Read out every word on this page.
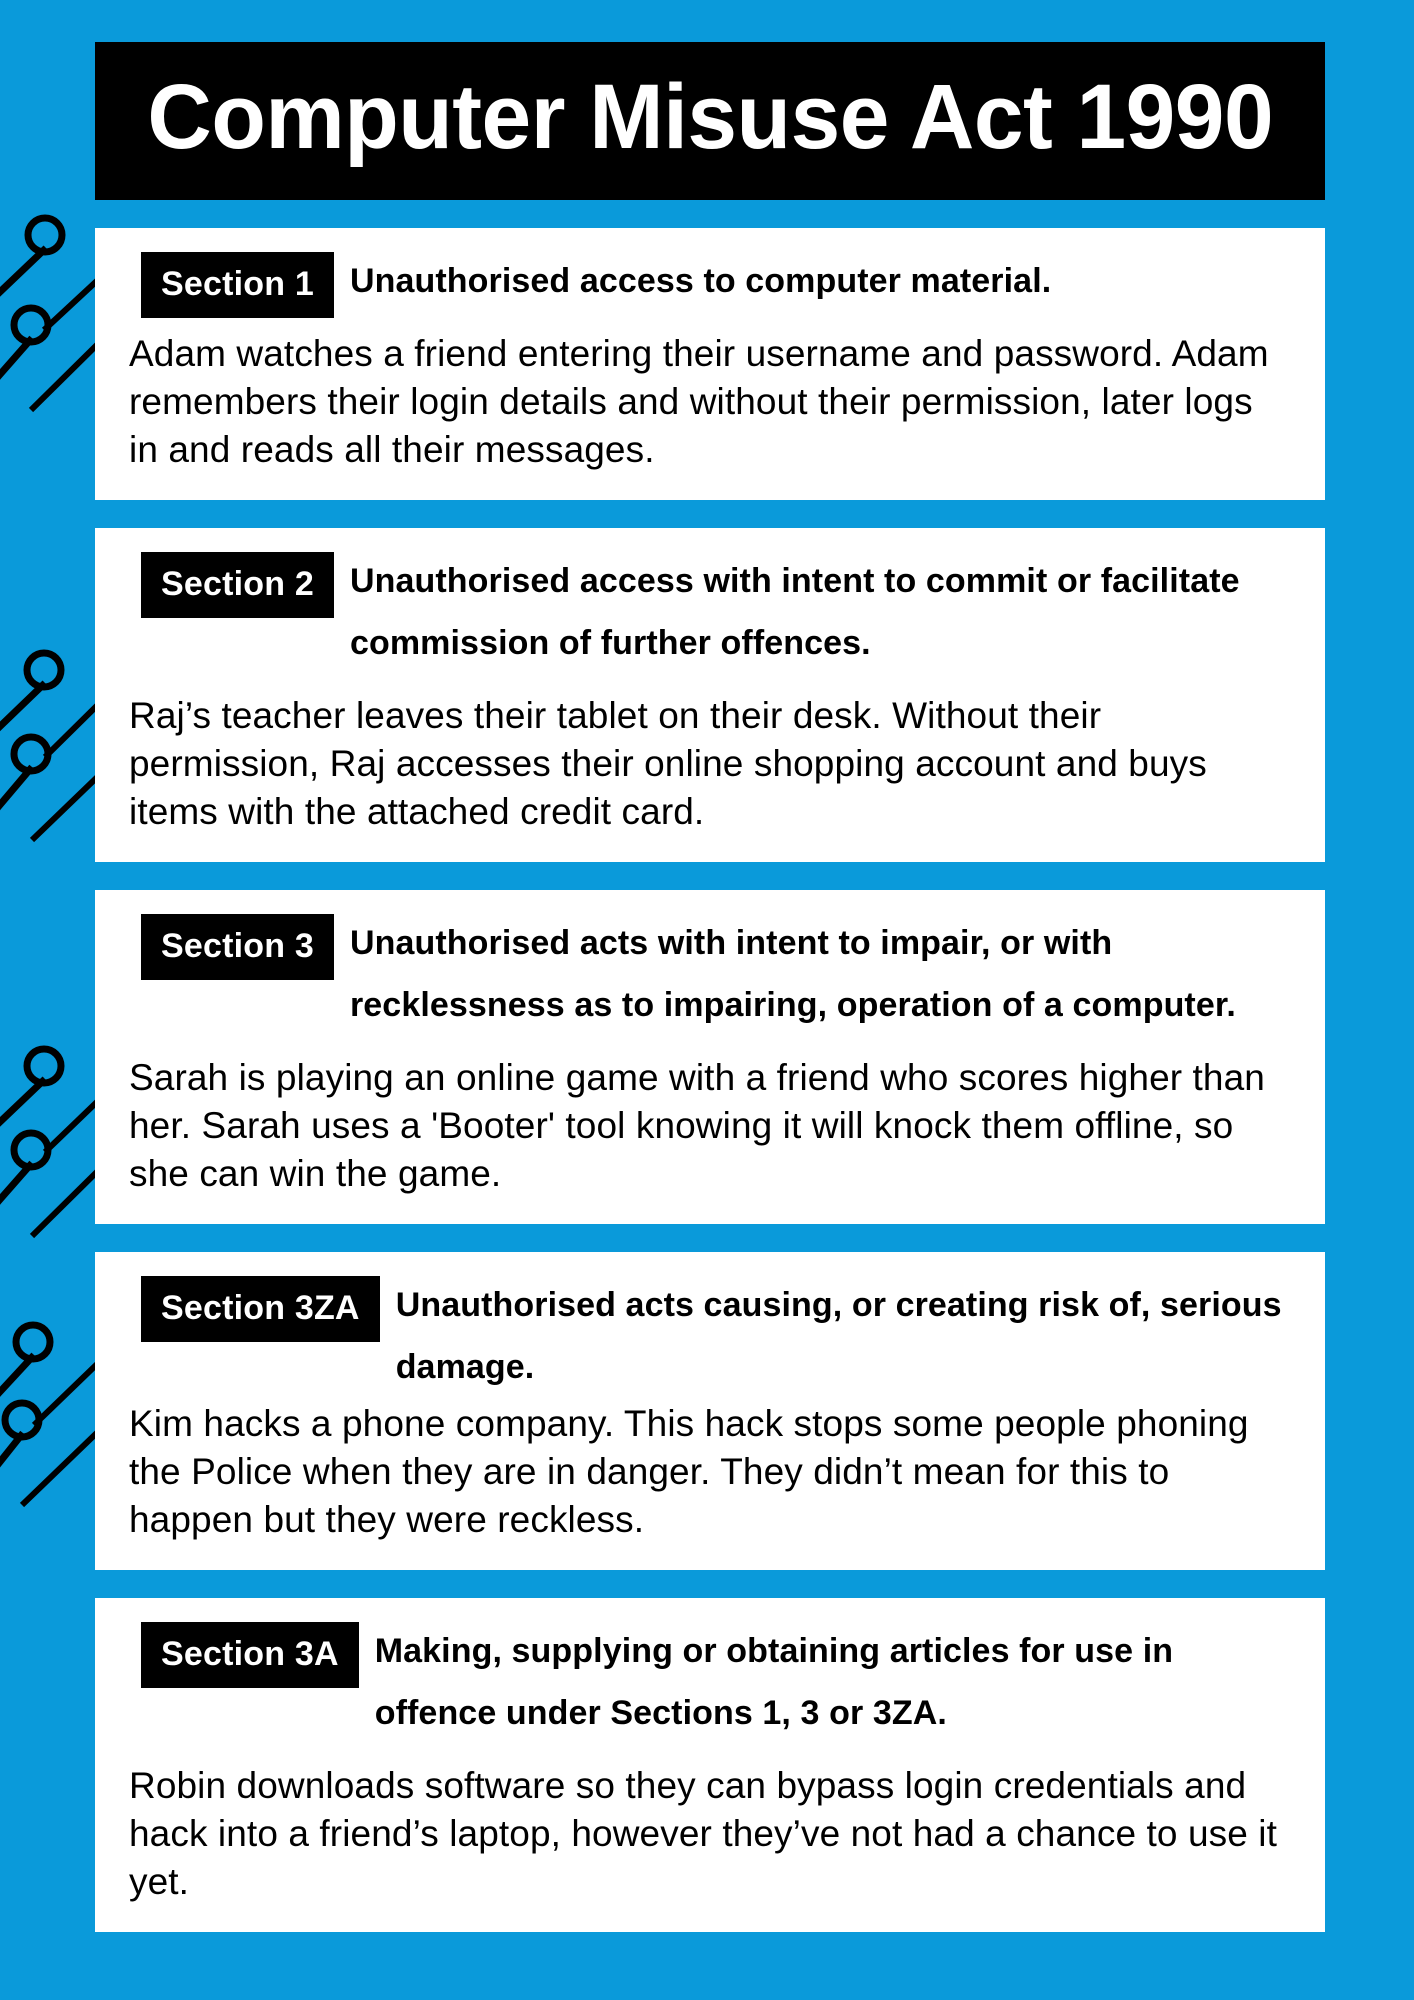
Computer Misuse Act 1990
Section 1	Unauthorised access to computer material.
Adam watches a friend entering their username and password. Adam remembers their login details and without their permission, later logs in and reads all their messages.
Section 2	Unauthorised access with intent to commit or facilitate commission of further offences.
Raj’s teacher leaves their tablet on their desk. Without their permission, Raj accesses their online shopping account and buys items with the attached credit card.
Section 3	Unauthorised acts with intent to impair, or with recklessness as to impairing, operation of a computer.
Sarah is playing an online game with a friend who scores higher than her. Sarah uses a 'Booter' tool knowing it will knock them offline, so she can win the game.
Section 3ZA	Unauthorised acts causing, or creating risk of, serious damage.
Kim hacks a phone company. This hack stops some people phoning the Police when they are in danger. They didn’t mean for this to happen but they were reckless.
Section 3A	Making, supplying or obtaining articles for use in offence under Sections 1, 3 or 3ZA.
Robin downloads software so they can bypass login credentials and hack into a friend’s laptop, however they’ve not had a chance to use it yet.
